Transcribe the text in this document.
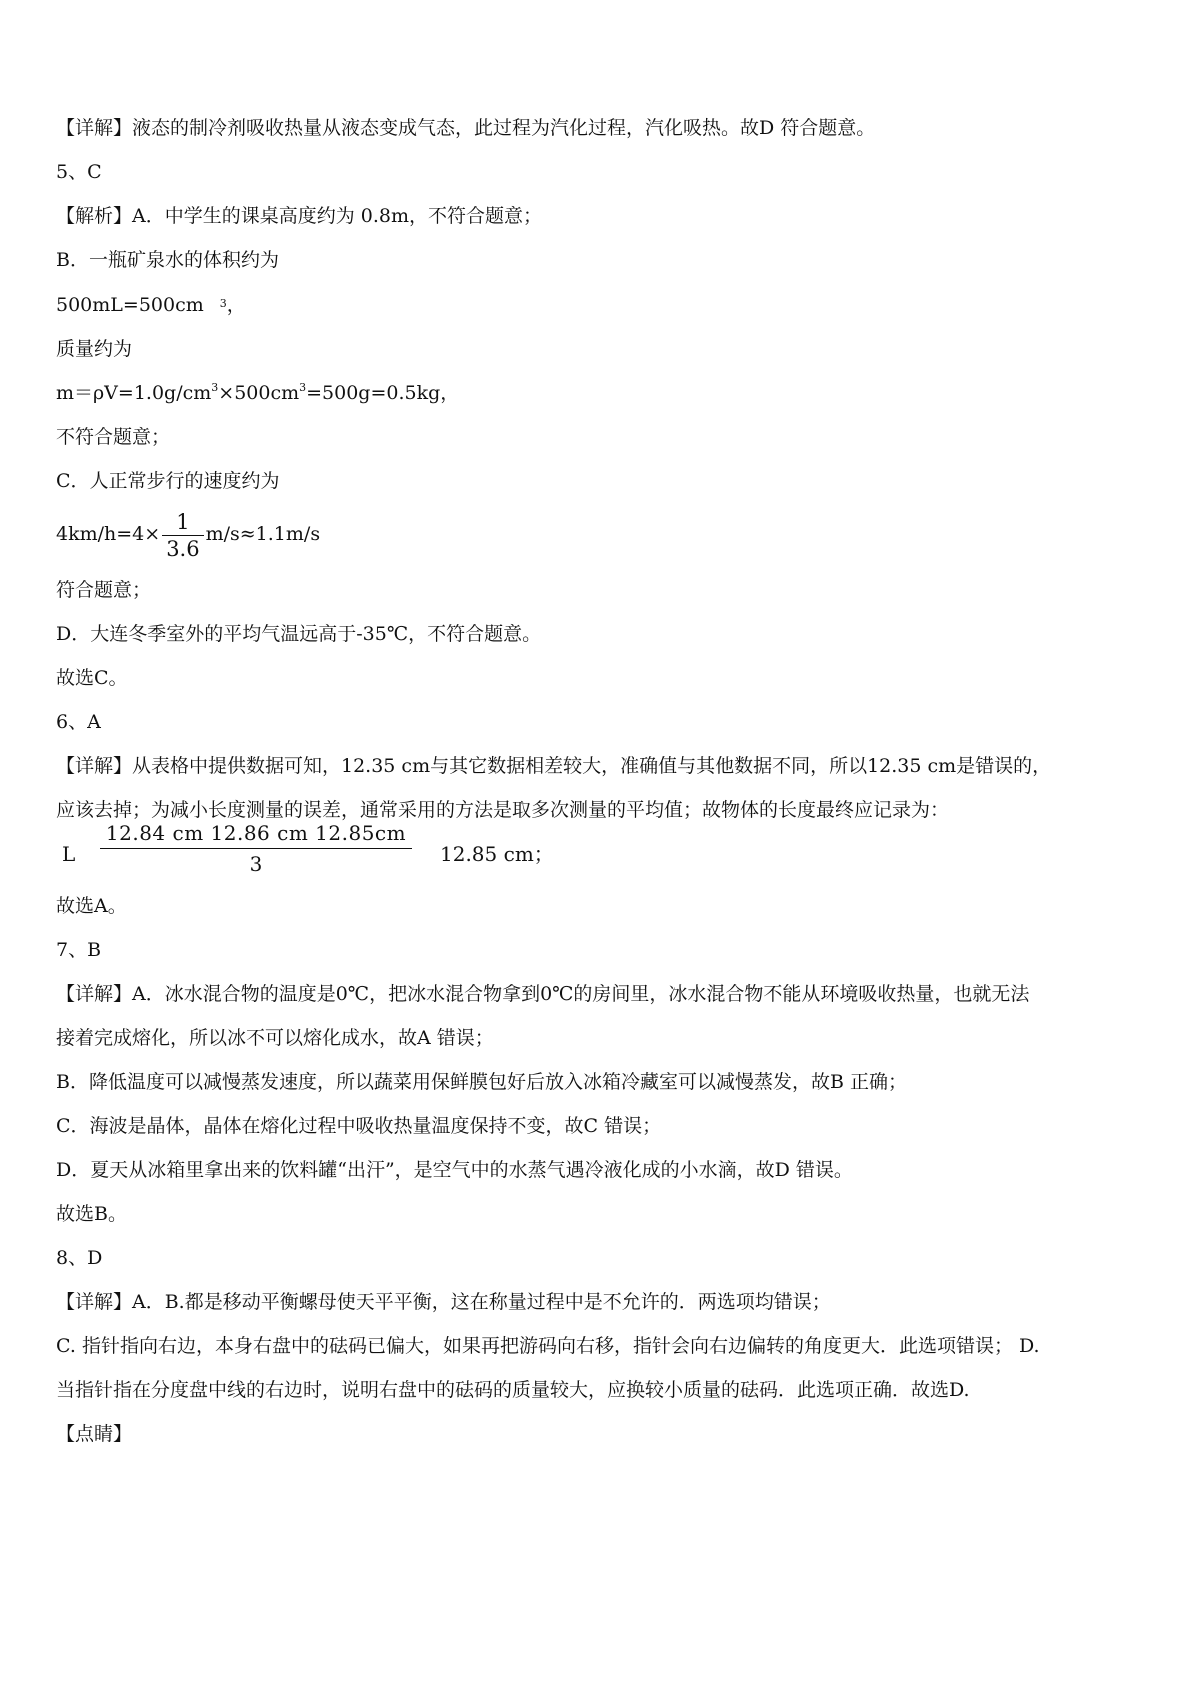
【详解】液态的制冷剂吸收热量从液态变成气态，此过程为汽化过程，汽化吸热。故D 符合题意。
5、C
【解析】A．中学生的课桌高度约为 0.8m，不符合题意；
B．一瓶矿泉水的体积约为
500mL=500cm $^3$，
质量约为
$m=\rho V=1.0g/cm^3\times 500cm^3=500g=0.5kg$，
不符合题意；
C．人正常步行的速度约为
$4km/h=4\times \frac{1}{3.6} m/s\approx 1.1m/s$
符合题意；
D．大连冬季室外的平均气温远高于-35℃，不符合题意。
故选C。
6、A
【详解】从表格中提供数据可知，12.35 cm与其它数据相差较大，准确值与其他数据不同，所以12.35 cm是错误的，
应该去掉；为减小长度测量的误差，通常采用的方法是取多次测量的平均值；故物体的长度最终应记录为：
L
12.84 cm 12.86 cm 12.85cm
3	12.85 cm；
故选A。
7、B
【详解】A．冰水混合物的温度是0℃，把冰水混合物拿到0℃的房间里，冰水混合物不能从环境吸收热量，也就无法
接着完成熔化，所以冰不可以熔化成水，故A 错误；
B．降低温度可以减慢蒸发速度，所以蔬菜用保鲜膜包好后放入冰箱冷藏室可以减慢蒸发，故B 正确；
C．海波是晶体，晶体在熔化过程中吸收热量温度保持不变，故C 错误；
D．夏天从冰箱里拿出来的饮料罐“出汗”，是空气中的水蒸气遇冷液化成的小水滴，故D 错误。
故选B。
8、D
【详解】A．B.都是移动平衡螺母使天平平衡，这在称量过程中是不允许的．两选项均错误；
C. 指针指向右边，本身右盘中的砝码已偏大，如果再把游码向右移，指针会向右边偏转的角度更大．此选项错误； D.
当指针指在分度盘中线的右边时，说明右盘中的砝码的质量较大，应换较小质量的砝码．此选项正确．故选D.
【点睛】
